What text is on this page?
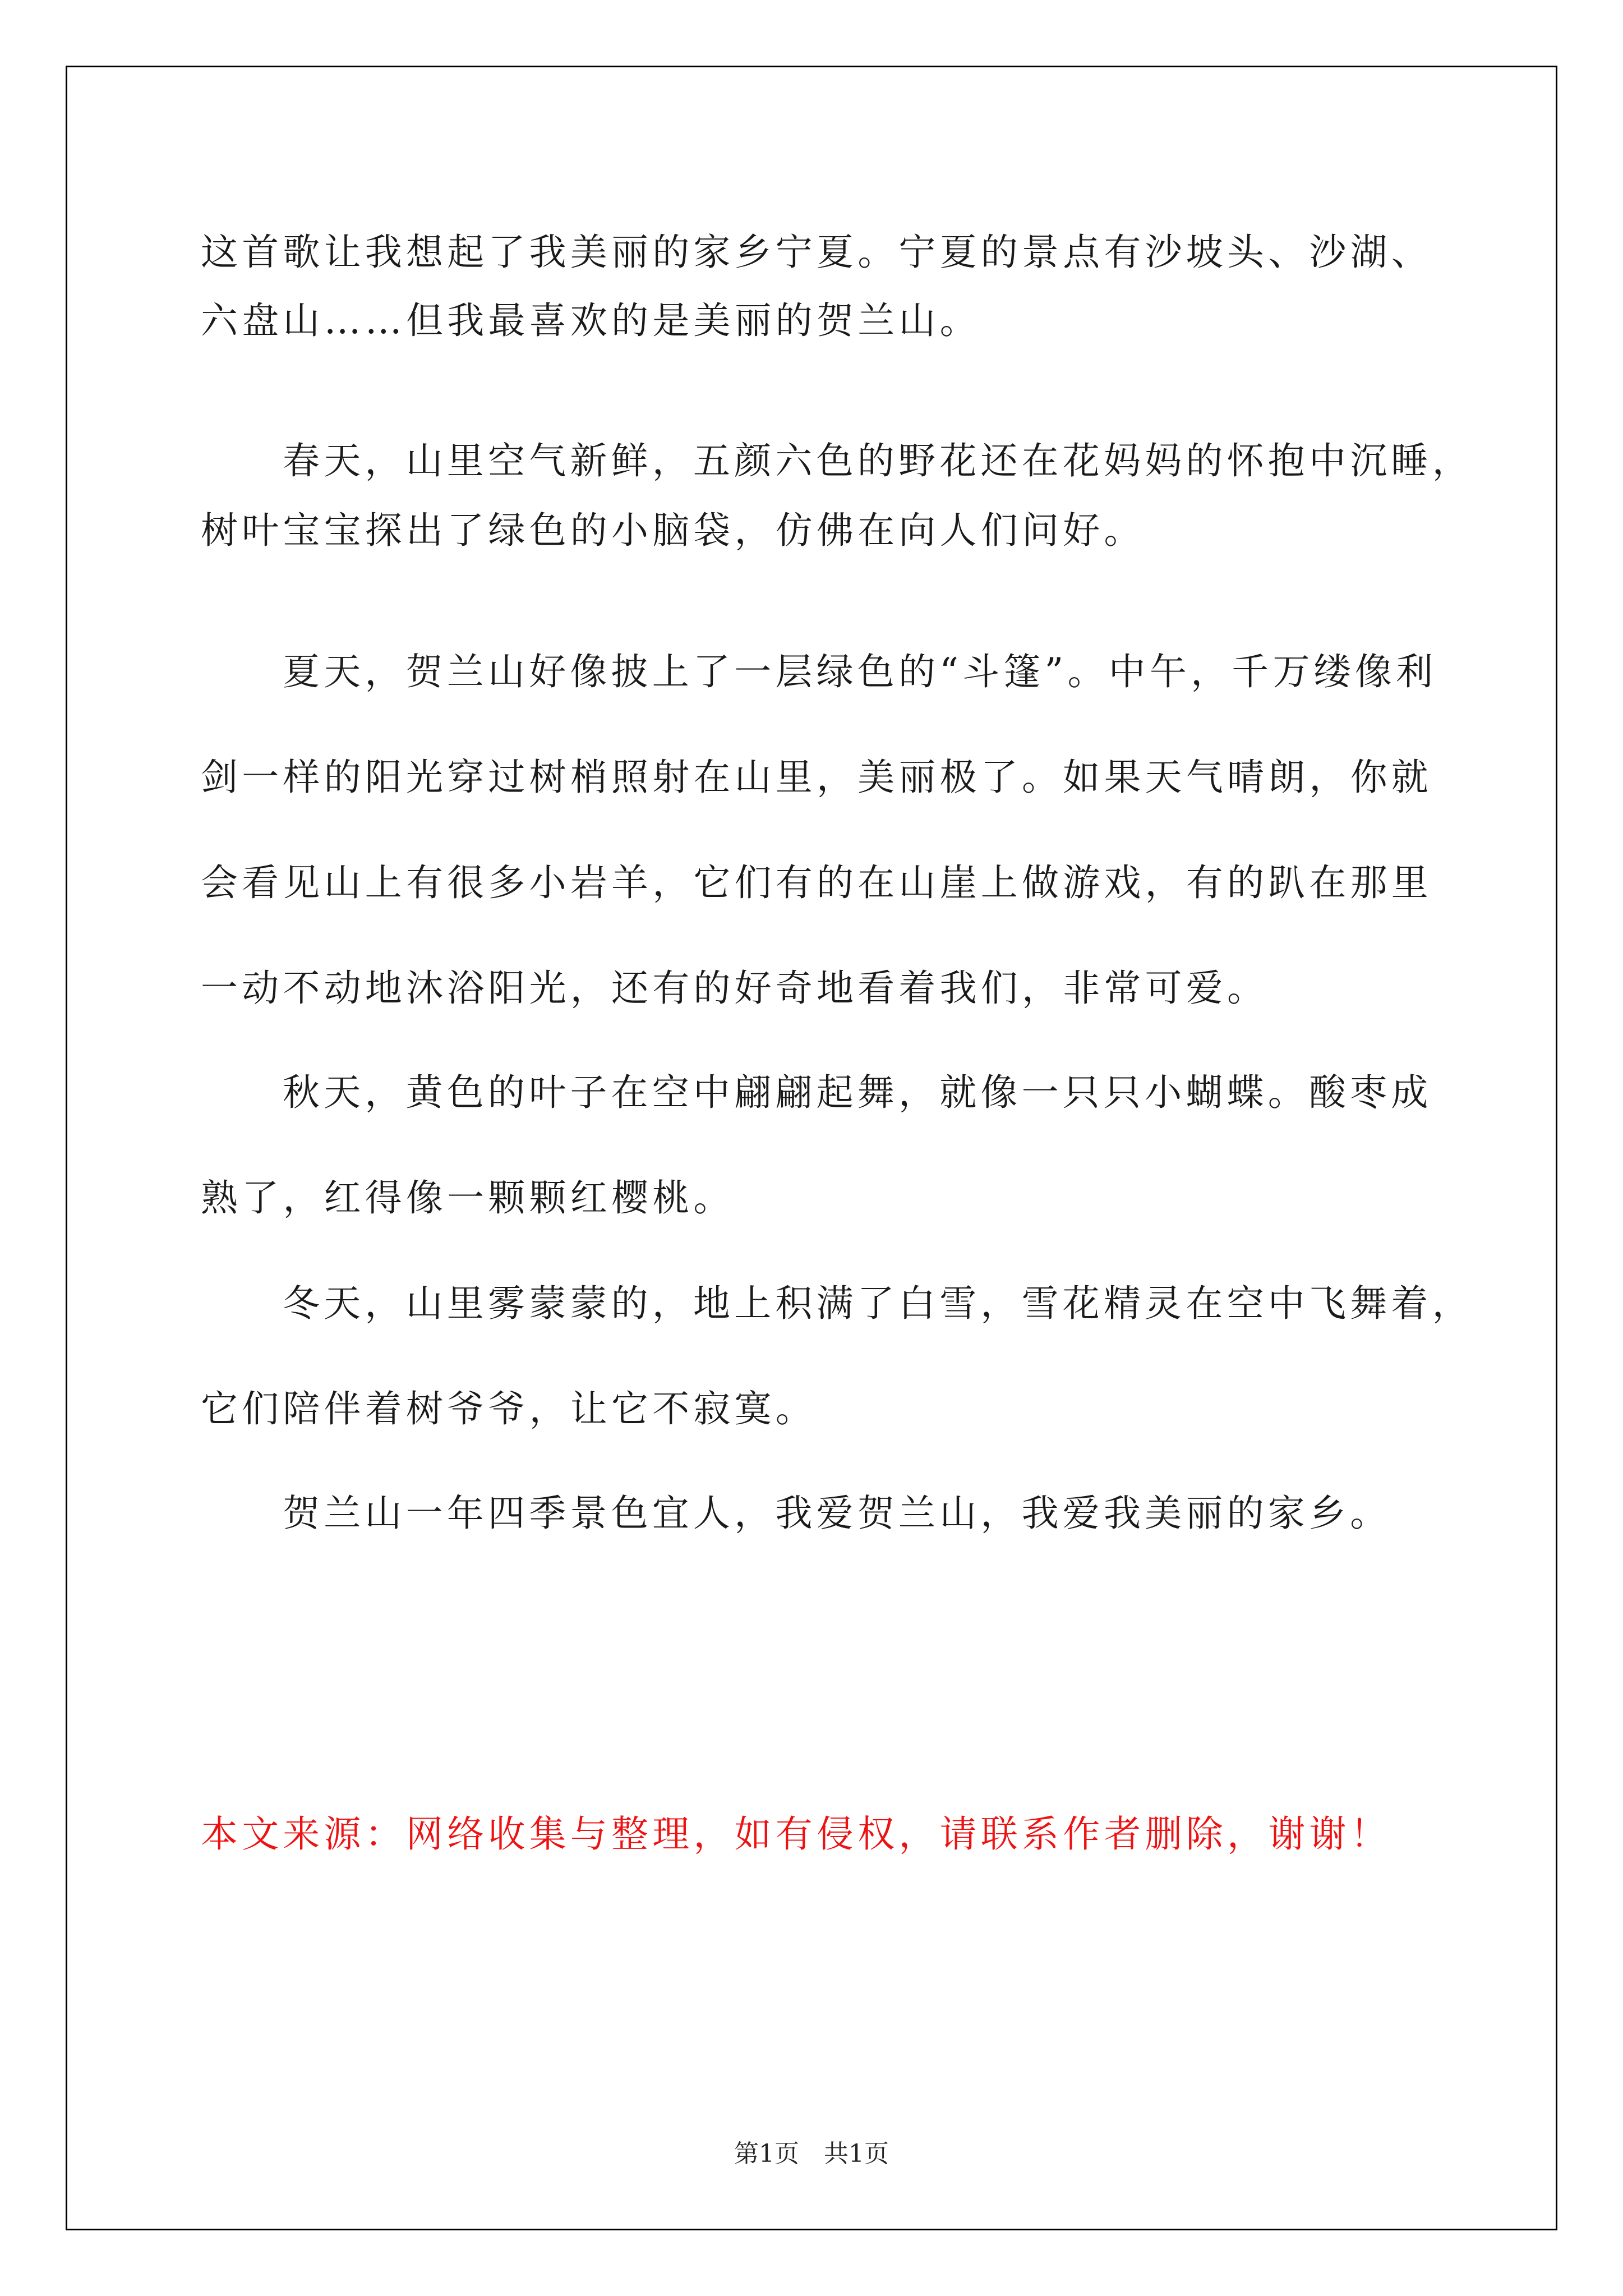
这首歌让我想起了我美丽的家乡宁夏。宁夏的景点有沙坡头、沙湖、
六盘山……但我最喜欢的是美丽的贺兰山。
春天，山里空气新鲜，五颜六色的野花还在花妈妈的怀抱中沉睡，
树叶宝宝探出了绿色的小脑袋，仿佛在向人们问好。
夏天，贺兰山好像披上了一层绿色的“斗篷”。中午，千万缕像利
剑一样的阳光穿过树梢照射在山里，美丽极了。如果天气晴朗，你就
会看见山上有很多小岩羊，它们有的在山崖上做游戏，有的趴在那里
一动不动地沐浴阳光，还有的好奇地看着我们，非常可爱。
秋天，黄色的叶子在空中翩翩起舞，就像一只只小蝴蝶。酸枣成
熟了，红得像一颗颗红樱桃。
冬天，山里雾蒙蒙的，地上积满了白雪，雪花精灵在空中飞舞着，
它们陪伴着树爷爷，让它不寂寞。
贺兰山一年四季景色宜人，我爱贺兰山，我爱我美丽的家乡。
本文来源：网络收集与整理，如有侵权，请联系作者删除，谢谢！
第1页　共1页
